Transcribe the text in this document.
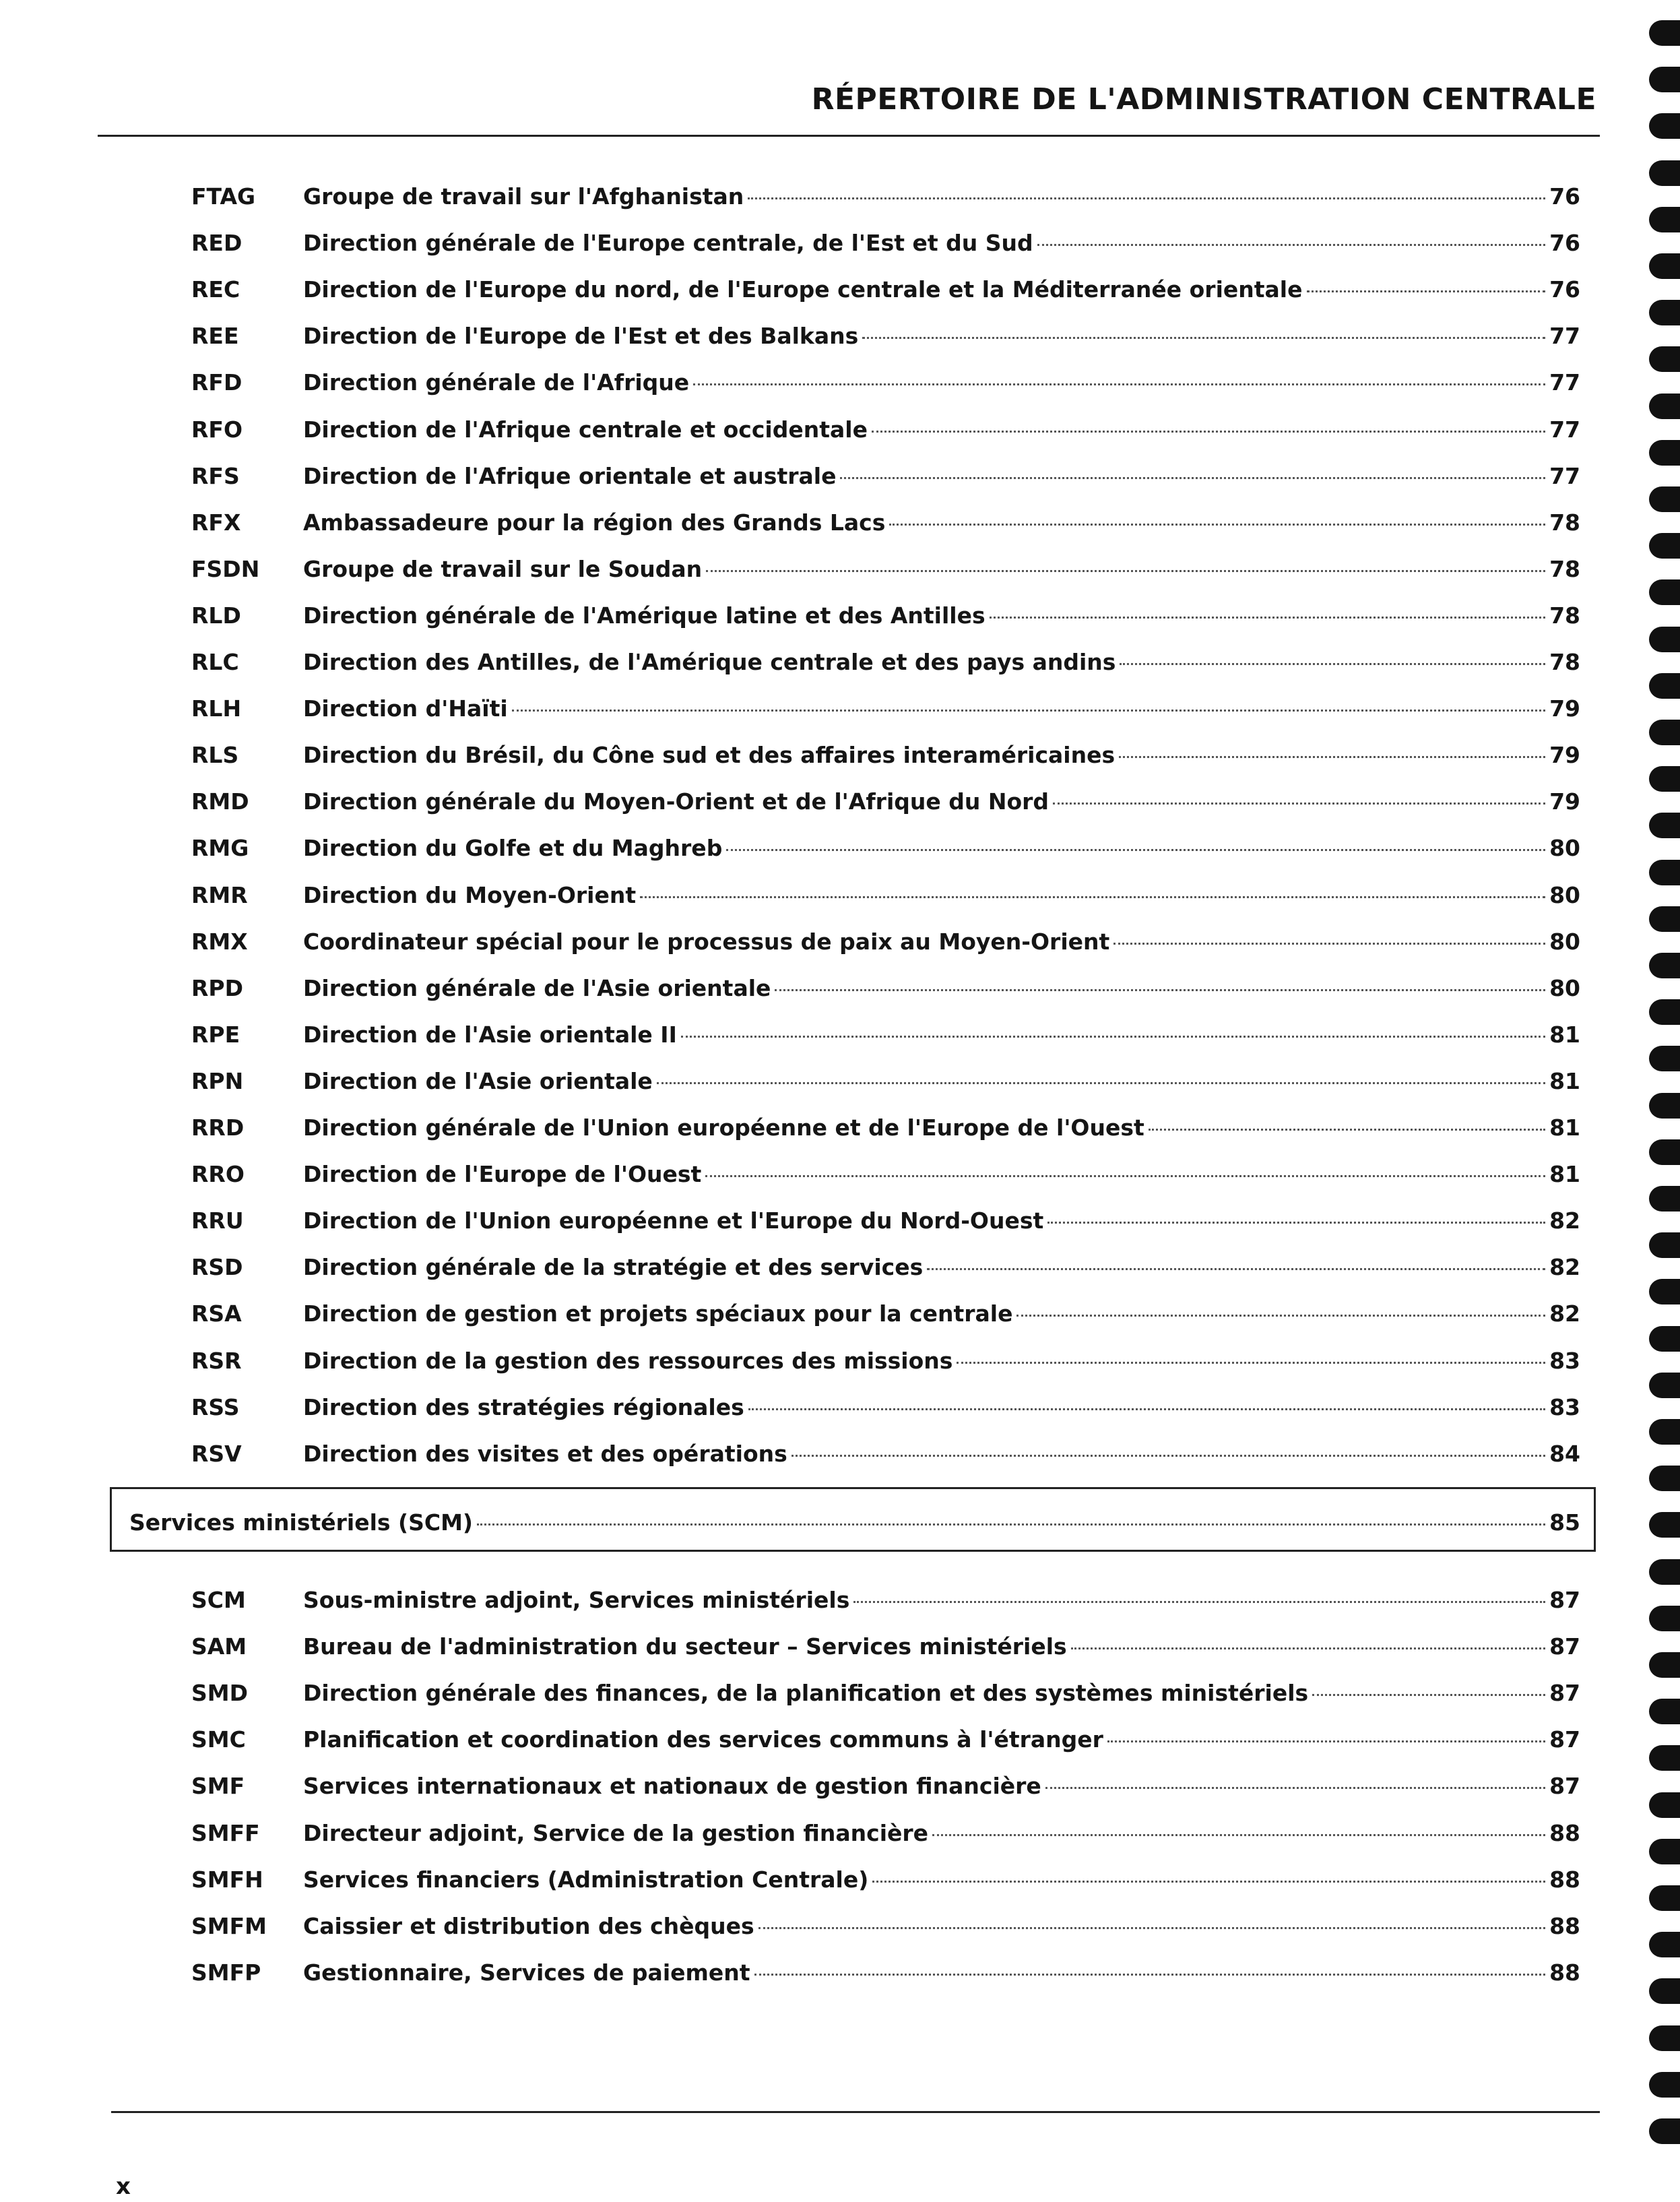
RÉPERTOIRE DE L'ADMINISTRATION CENTRALE
FTAG Groupe de travail sur l'Afghanistan	76
RED	Direction générale de l'Europe centrale, de l'Est et du Sud	76
REC	Direction de l'Europe du nord, de l'Europe centrale et la Méditerranée orientale	76
REE	Direction de l'Europe de l'Est et des Balkans	77
RFD	Direction générale de l'Afrique	77
RFO	Direction de l'Afrique centrale et occidentale	77
RFS	Direction de l'Afrique orientale et australe	77
RFX	Ambassadeure pour la région des Grands Lacs	78
FSDN Groupe de travail sur le Soudan	78
RLD	Direction générale de l'Amérique latine et des Antilles	78
RLC	Direction des Antilles, de l'Amérique centrale et des pays andins	78
RLH	Direction d'Haïti	79
RLS	Direction du Brésil, du Cône sud et des affaires interaméricaines	79
RMD Direction générale du Moyen-Orient et de l'Afrique du Nord	79
RMG Direction du Golfe et du Maghreb	80
RMR Direction du Moyen-Orient	80
RMX Coordinateur spécial pour le processus de paix au Moyen-Orient	80
RPD	Direction générale de l'Asie orientale	80
RPE	Direction de l'Asie orientale II	81
RPN	Direction de l'Asie orientale	81
RRD	Direction générale de l'Union européenne et de l'Europe de l'Ouest	81
RRO	Direction de l'Europe de l'Ouest	81
RRU	Direction de l'Union européenne et l'Europe du Nord-Ouest	82
RSD	Direction générale de la stratégie et des services	82
RSA	Direction de gestion et projets spéciaux pour la centrale	82
RSR	Direction de la gestion des ressources des missions	83
RSS	Direction des stratégies régionales	83
RSV	Direction des visites et des opérations	84
Services ministériels (SCM)	85
SCM	Sous-ministre adjoint, Services ministériels	87
SAM	Bureau de l'administration du secteur – Services ministériels	87
SMD Direction générale des finances, de la planification et des systèmes ministériels	87
SMC	Planification et coordination des services communs à l'étranger	87
SMF	Services internationaux et nationaux de gestion financière	87
SMFF Directeur adjoint, Service de la gestion financière	88
SMFH Services financiers (Administration Centrale)	88
SMFM Caissier et distribution des chèques	88
SMFP Gestionnaire, Services de paiement	88
x
